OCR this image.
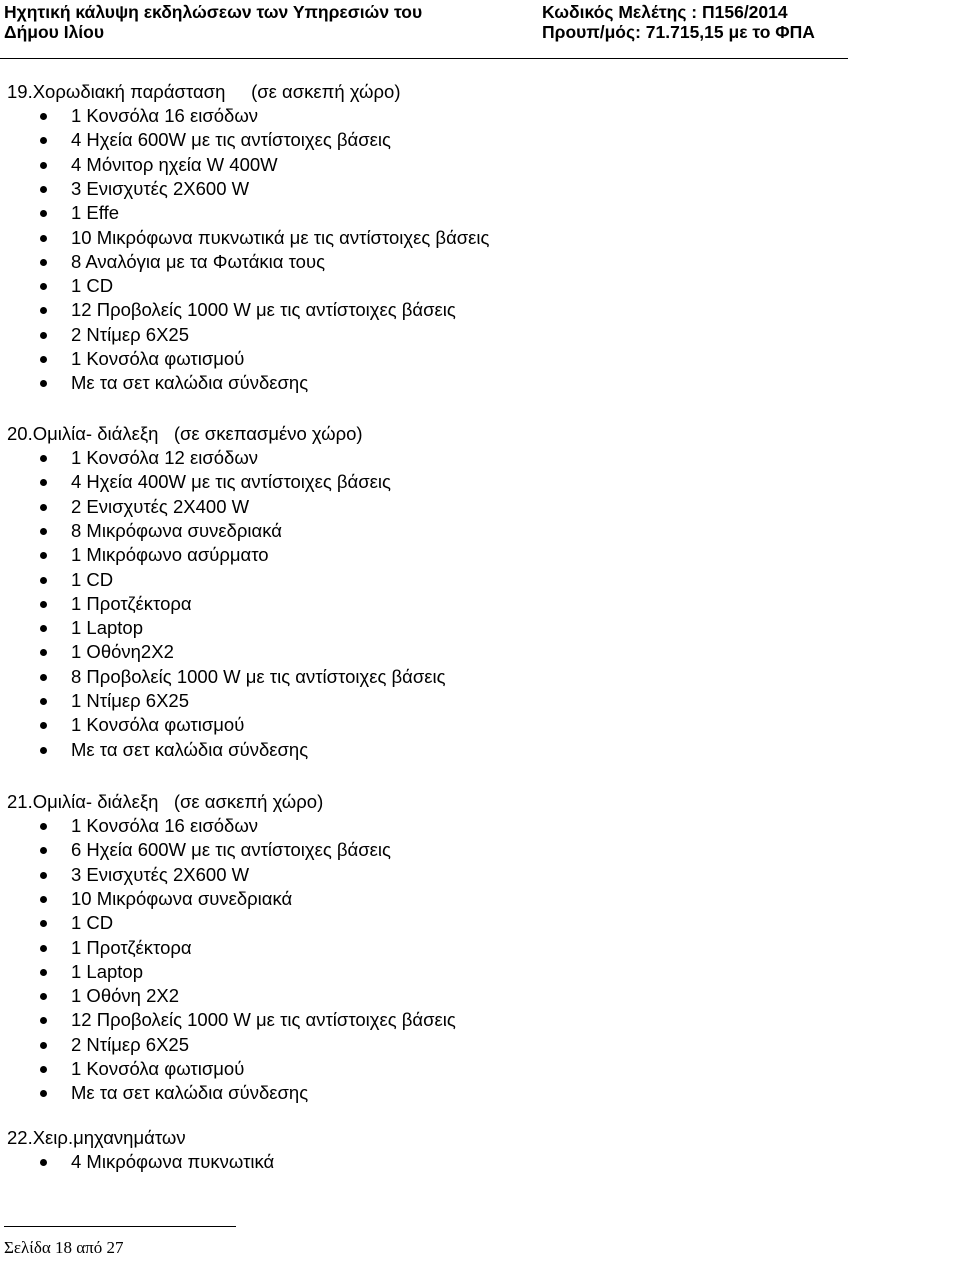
Ηχητική κάλυψη εκδηλώσεων των Υπηρεσιών του
Δήμου Ιλίου
Κωδικός Μελέτης : Π156/2014
Προυπ/μός: 71.715,15 με το ΦΠΑ
19.Χορωδιακή παράσταση     (σε ασκεπή χώρο)
1 Κονσόλα 16 εισόδων
4 Ηχεία 600W με τις αντίστοιχες βάσεις
4 Μόνιτορ ηχεία W 400W
3 Ενισχυτές 2Χ600 W
1 Effe
10 Μικρόφωνα πυκνωτικά με τις αντίστοιχες βάσεις
8 Αναλόγια με τα Φωτάκια τους
1 CD
12 Προβολείς 1000 W με τις αντίστοιχες βάσεις
2 Ντίμερ 6Χ25
1 Κονσόλα φωτισμού
Με τα σετ καλώδια σύνδεσης
20.Ομιλία- διάλεξη   (σε σκεπασμένο χώρο)
1 Κονσόλα 12 εισόδων
4 Ηχεία 400W με τις αντίστοιχες βάσεις
2 Ενισχυτές 2Χ400 W
8 Μικρόφωνα συνεδριακά
1 Μικρόφωνο ασύρματο
1 CD
1 Προτζέκτορα
1 Laptop
1 Οθόνη2Χ2
8 Προβολείς 1000 W με τις αντίστοιχες βάσεις
1 Ντίμερ 6Χ25
1 Κονσόλα φωτισμού
Με τα σετ καλώδια σύνδεσης
21.Ομιλία- διάλεξη   (σε ασκεπή χώρο)
1 Κονσόλα 16 εισόδων
6 Ηχεία 600W με τις αντίστοιχες βάσεις
3 Ενισχυτές 2Χ600 W
10 Μικρόφωνα συνεδριακά
1 CD
1 Προτζέκτορα
1 Laptop
1 Οθόνη 2Χ2
12 Προβολείς 1000 W με τις αντίστοιχες βάσεις
2 Ντίμερ 6Χ25
1 Κονσόλα φωτισμού
Με τα σετ καλώδια σύνδεσης
22.Χειρ.μηχανημάτων
4 Μικρόφωνα πυκνωτικά
Σελίδα 18 από 27
